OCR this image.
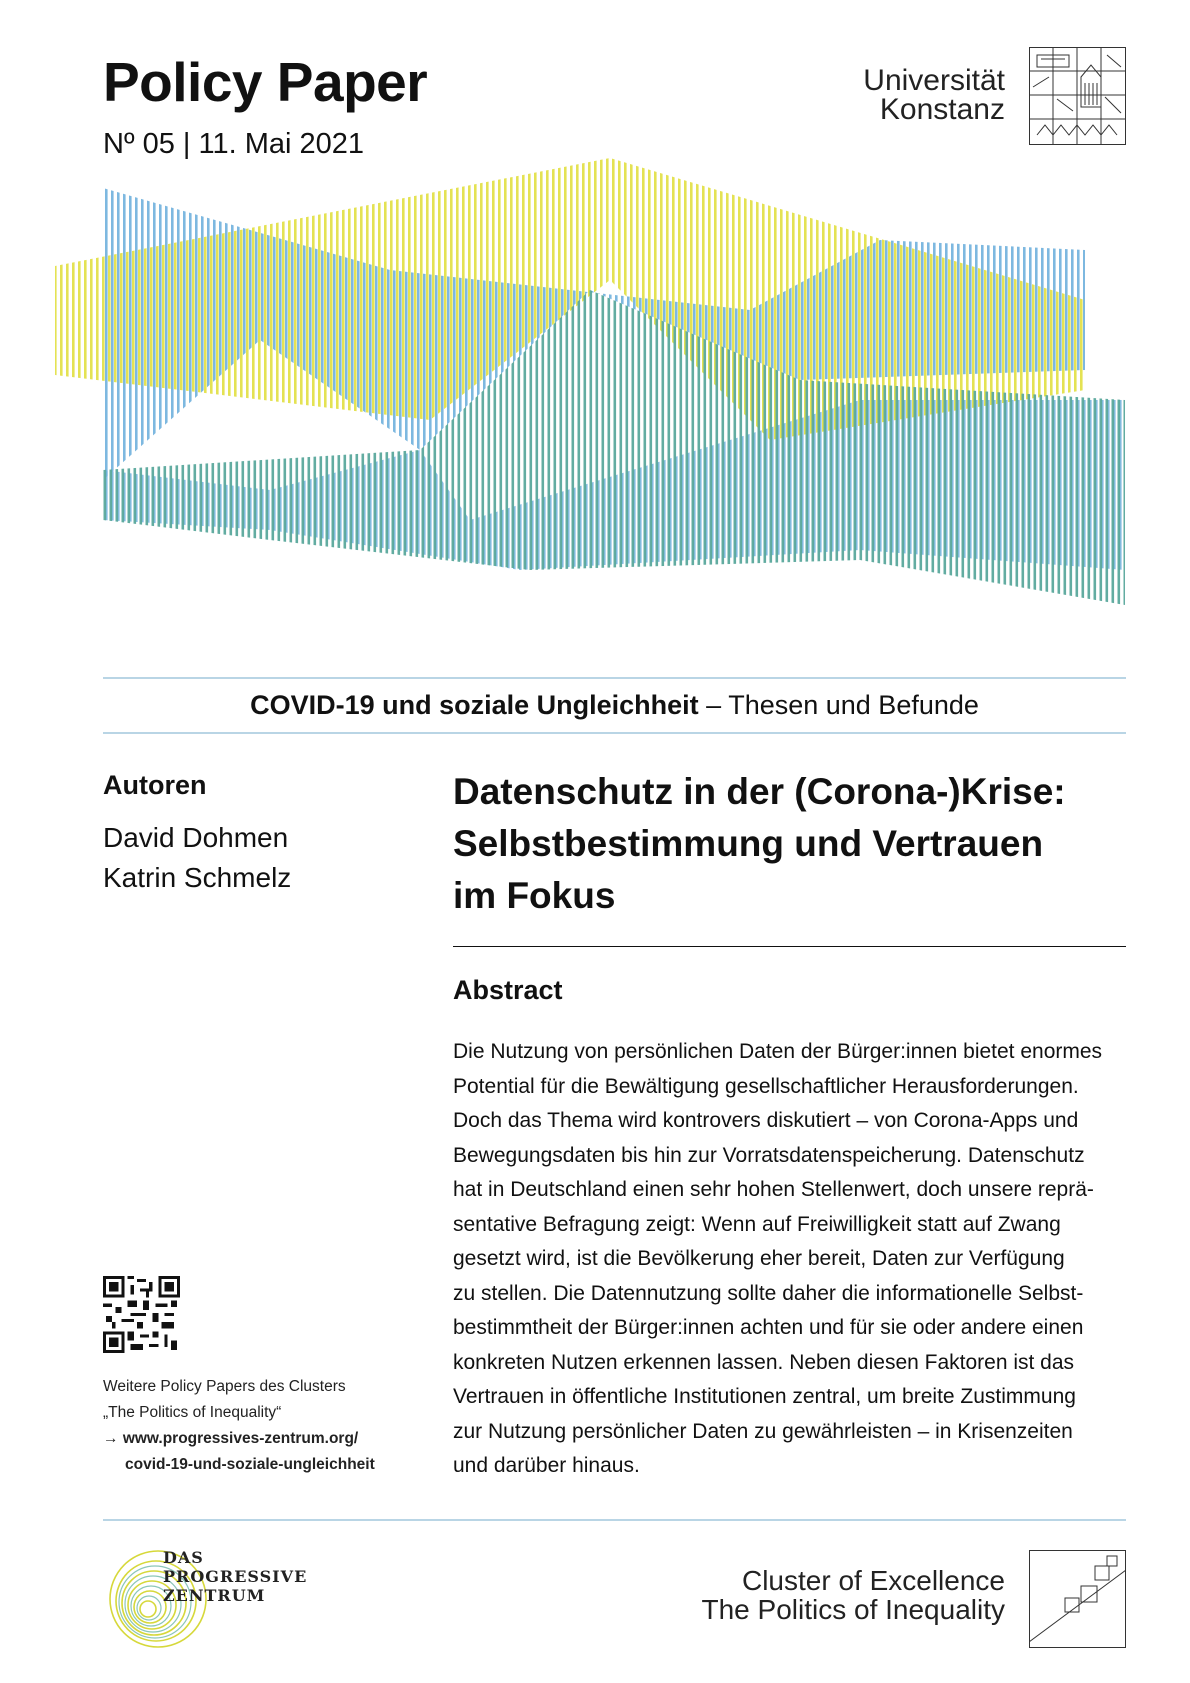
Policy Paper
Nº 05 | 11. Mai 2021
Universität
Konstanz
COVID-19 und soziale Ungleichheit – Thesen und Befunde
Autoren
David Dohmen
Katrin Schmelz
Datenschutz in der (Corona-)Krise:
Selbstbestimmung und Vertrauen
im Fokus
Abstract
Die Nutzung von persönlichen Daten der Bürger:innen bietet enormes
Potential für die Bewältigung gesellschaftlicher Herausforderungen.
Doch das Thema wird kontrovers diskutiert – von Corona-Apps und
Bewegungsdaten bis hin zur Vorratsdatenspeicherung. Datenschutz
hat in Deutschland einen sehr hohen Stellenwert, doch unsere reprä-
sentative Befragung zeigt: Wenn auf Freiwilligkeit statt auf Zwang
gesetzt wird, ist die Bevölkerung eher bereit, Daten zur Verfügung
zu stellen. Die Datennutzung sollte daher die informationelle Selbst-
bestimmtheit der Bürger:innen achten und für sie oder andere einen
konkreten Nutzen erkennen lassen. Neben diesen Faktoren ist das
Vertrauen in öffentliche Institutionen zentral, um breite Zustimmung
zur Nutzung persönlicher Daten zu gewährleisten – in Krisenzeiten
und darüber hinaus.
Weitere Policy Papers des Clusters
„The Politics of Inequality“
→ www.progressives-zentrum.org/
covid-19-und-soziale-ungleichheit
DAS
PROGRESSIVE
ZENTRUM	Cluster of Excellence
The Politics of Inequality
